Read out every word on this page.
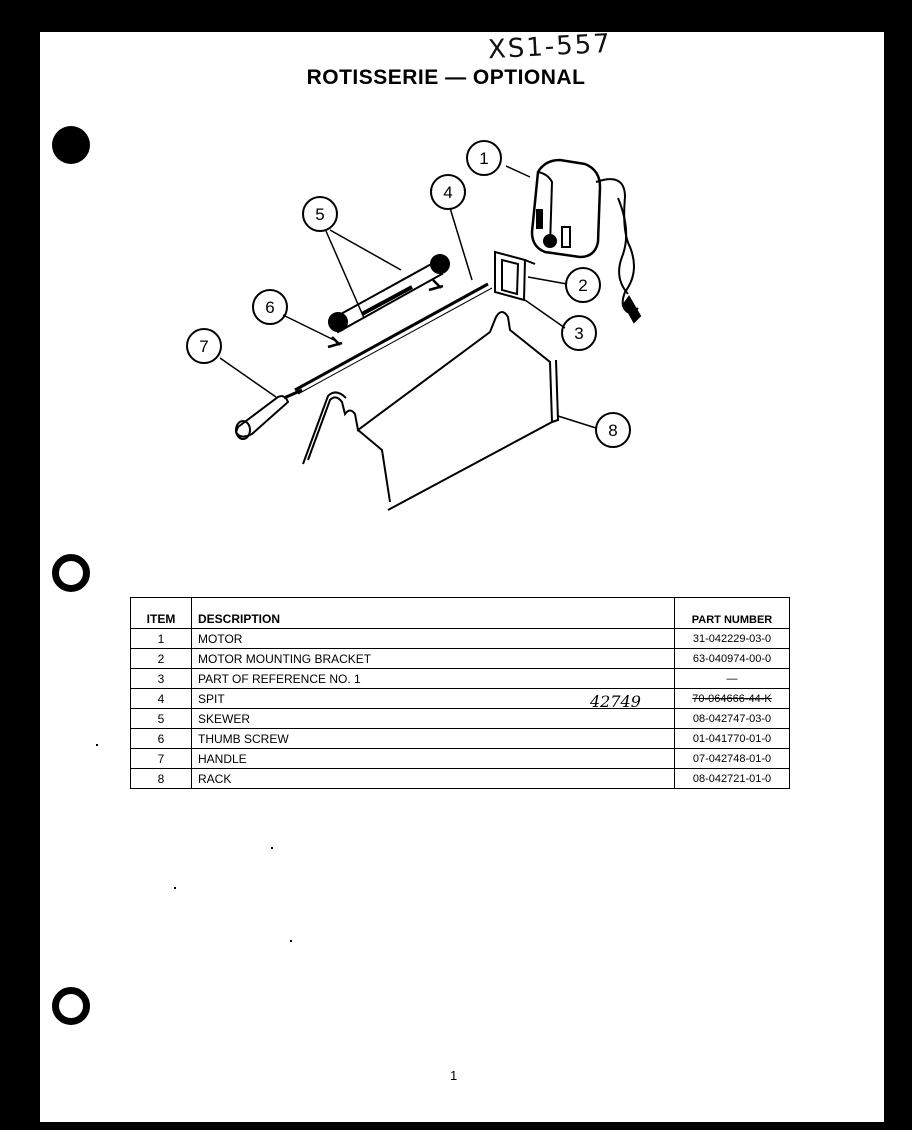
XS1-557
ROTISSERIE — OPTIONAL
1
2
3
4
5
6
7
8
ITEM	DESCRIPTION	PART NUMBER
1	MOTOR	31-042229-03-0
2	MOTOR MOUNTING BRACKET	63-040974-00-0
3	PART OF REFERENCE NO. 1	—
4	SPIT	70-064666-44-K
5	SKEWER	08-042747-03-0
6	THUMB SCREW	01-041770-01-0
7	HANDLE	07-042748-01-0
8	RACK	08-042721-01-0
42749
1
